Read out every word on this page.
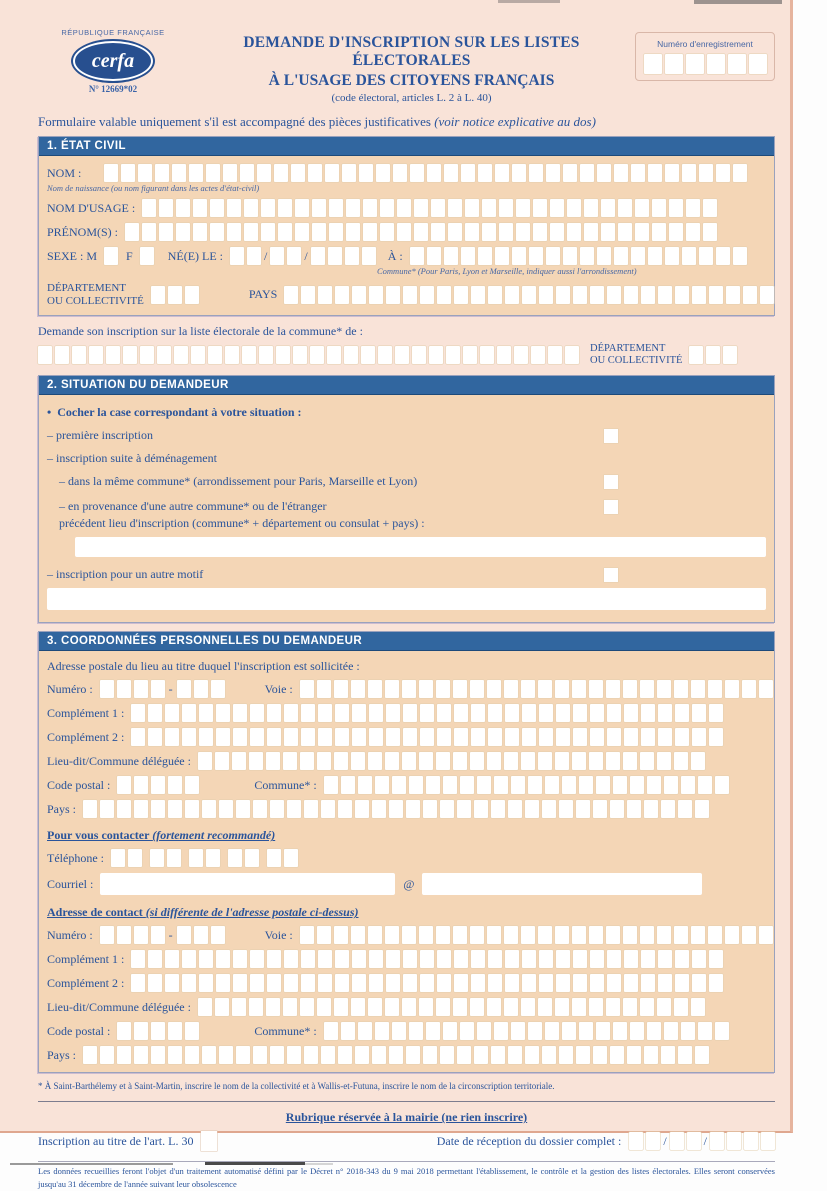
RÉPUBLIQUE FRANÇAISE
cerfa
N° 12669*02
DEMANDE D'INSCRIPTION SUR LES LISTES ÉLECTORALES
À L'USAGE DES CITOYENS FRANÇAIS
(code électoral, articles L. 2 à L. 40)
Numéro d'enregistrement
Formulaire valable uniquement s'il est accompagné des pièces justificatives (voir notice explicative au dos)
1. ÉTAT CIVIL
NOM :
Nom de naissance (ou nom figurant dans les actes d'état-civil)
NOM D'USAGE :
PRÉNOM(S) :
SEXE : M F	NÉ(E) LE :	/	/	À :
Commune* (Pour Paris, Lyon et Marseille, indiquer aussi l'arrondissement)
DÉPARTEMENT
OU COLLECTIVITÉ	PAYS
Demande son inscription sur la liste électorale de la commune* de :
DÉPARTEMENT
OU COLLECTIVITÉ
2. SITUATION DU DEMANDEUR
• Cocher la case correspondant à votre situation :
– première inscription
– inscription suite à déménagement
– dans la même commune* (arrondissement pour Paris, Marseille et Lyon)
– en provenance d'une autre commune* ou de l'étranger
précédent lieu d'inscription (commune* + département ou consulat + pays) :
– inscription pour un autre motif
3. COORDONNÉES PERSONNELLES DU DEMANDEUR
Adresse postale du lieu au titre duquel l'inscription est sollicitée :
Numéro :	-	Voie :
Complément 1 :
Complément 2 :
Lieu-dit/Commune déléguée :
Code postal :	Commune* :
Pays :
Pour vous contacter (fortement recommandé)
Téléphone :
Courriel :	@
Adresse de contact (si différente de l'adresse postale ci-dessus)
Numéro :	-	Voie :
Complément 1 :
Complément 2 :
Lieu-dit/Commune déléguée :
Code postal :	Commune* :
Pays :
* À Saint-Barthélemy et à Saint-Martin, inscrire le nom de la collectivité et à Wallis-et-Futuna, inscrire le nom de la circonscription territoriale.
Rubrique réservée à la mairie (ne rien inscrire)
Inscription au titre de l'art. L. 30	Date de réception du dossier complet :	/	/
Les données recueillies feront l'objet d'un traitement automatisé défini par le Décret n° 2018-343 du 9 mai 2018 permettant l'établissement, le contrôle et la gestion des listes électorales. Elles seront conservées jusqu'au 31 décembre de l'année suivant leur obsolescence
